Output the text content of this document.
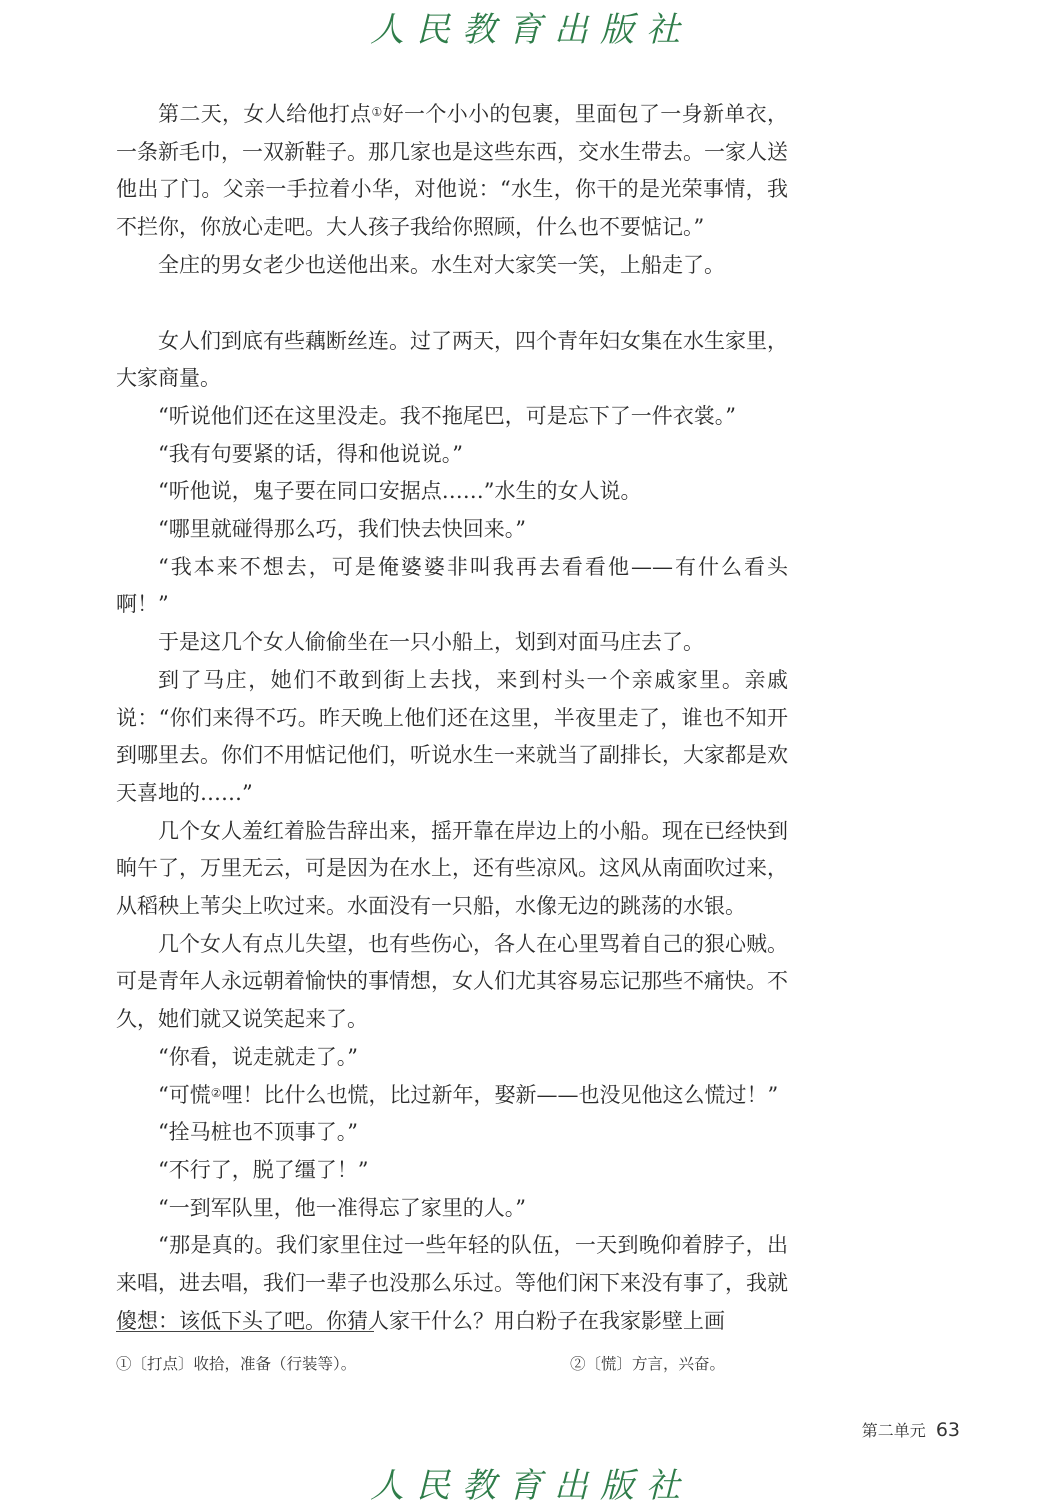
人民教育出版社

第二天，女人给他打点①好一个小小的包裹，里面包了一身新单衣，一条新毛巾，一双新鞋子。那几家也是这些东西，交水生带去。一家人送他出了门。父亲一手拉着小华，对他说：“水生，你干的是光荣事情，我不拦你，你放心走吧。大人孩子我给你照顾，什么也不要惦记。”

全庄的男女老少也送他出来。水生对大家笑一笑，上船走了。

女人们到底有些藕断丝连。过了两天，四个青年妇女集在水生家里，大家商量。

“听说他们还在这里没走。我不拖尾巴，可是忘下了一件衣裳。”

“我有句要紧的话，得和他说说。”

“听他说，鬼子要在同口安据点……”水生的女人说。

“哪里就碰得那么巧，我们快去快回来。”

“我本来不想去，可是俺婆婆非叫我再去看看他——有什么看头啊！”

于是这几个女人偷偷坐在一只小船上，划到对面马庄去了。

到了马庄，她们不敢到街上去找，来到村头一个亲戚家里。亲戚说：“你们来得不巧。昨天晚上他们还在这里，半夜里走了，谁也不知开到哪里去。你们不用惦记他们，听说水生一来就当了副排长，大家都是欢天喜地的……”

几个女人羞红着脸告辞出来，摇开靠在岸边上的小船。现在已经快到晌午了，万里无云，可是因为在水上，还有些凉风。这风从南面吹过来，从稻秧上苇尖上吹过来。水面没有一只船，水像无边的跳荡的水银。

几个女人有点儿失望，也有些伤心，各人在心里骂着自己的狠心贼。可是青年人永远朝着愉快的事情想，女人们尤其容易忘记那些不痛快。不久，她们就又说笑起来了。

“你看，说走就走了。”

“可慌②哩！比什么也慌，比过新年，娶新——也没见他这么慌过！”

“拴马桩也不顶事了。”

“不行了，脱了缰了！”

“一到军队里，他一准得忘了家里的人。”

“那是真的。我们家里住过一些年轻的队伍，一天到晚仰着脖子，出来唱，进去唱，我们一辈子也没那么乐过。等他们闲下来没有事了，我就傻想：该低下头了吧。你猜人家干什么？用白粉子在我家影壁上画

①〔打点〕收拾，准备（行装等）。	②〔慌〕方言，兴奋。
第二单元 63
人民教育出版社
